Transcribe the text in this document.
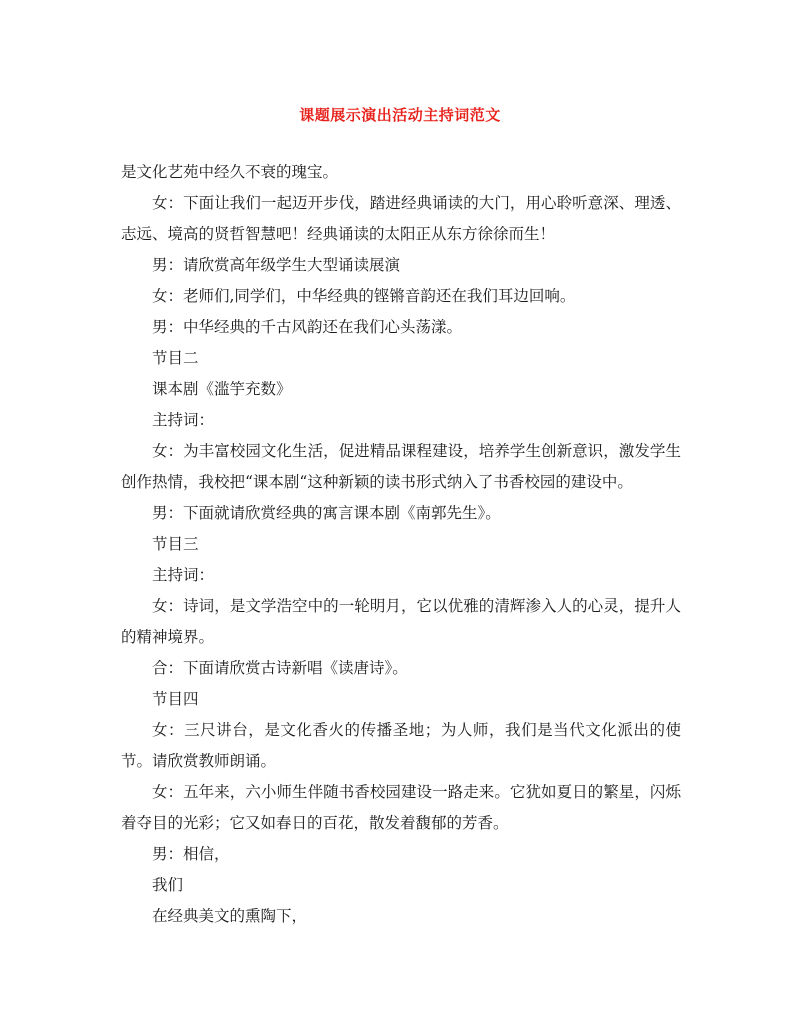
课题展示演出活动主持词范文

是文化艺苑中经久不衰的瑰宝。

女：下面让我们一起迈开步伐，踏进经典诵读的大门，用心聆听意深、理透、志远、境高的贤哲智慧吧！经典诵读的太阳正从东方徐徐而生！

男：请欣赏高年级学生大型诵读展演

女：老师们,同学们，中华经典的铿锵音韵还在我们耳边回响。

男：中华经典的千古风韵还在我们心头荡漾。

节目二

课本剧《滥竽充数》

主持词：

女：为丰富校园文化生活，促进精品课程建设，培养学生创新意识，激发学生创作热情，我校把“课本剧“这种新颖的读书形式纳入了书香校园的建设中。

男：下面就请欣赏经典的寓言课本剧《南郭先生》。

节目三

主持词：

女：诗词，是文学浩空中的一轮明月，它以优雅的清辉渗入人的心灵，提升人的精神境界。

合：下面请欣赏古诗新唱《读唐诗》。

节目四

女：三尺讲台，是文化香火的传播圣地；为人师，我们是当代文化派出的使节。请欣赏教师朗诵。

女：五年来，六小师生伴随书香校园建设一路走来。它犹如夏日的繁星，闪烁着夺目的光彩；它又如春日的百花，散发着馥郁的芳香。

男：相信，

我们

在经典美文的熏陶下，
